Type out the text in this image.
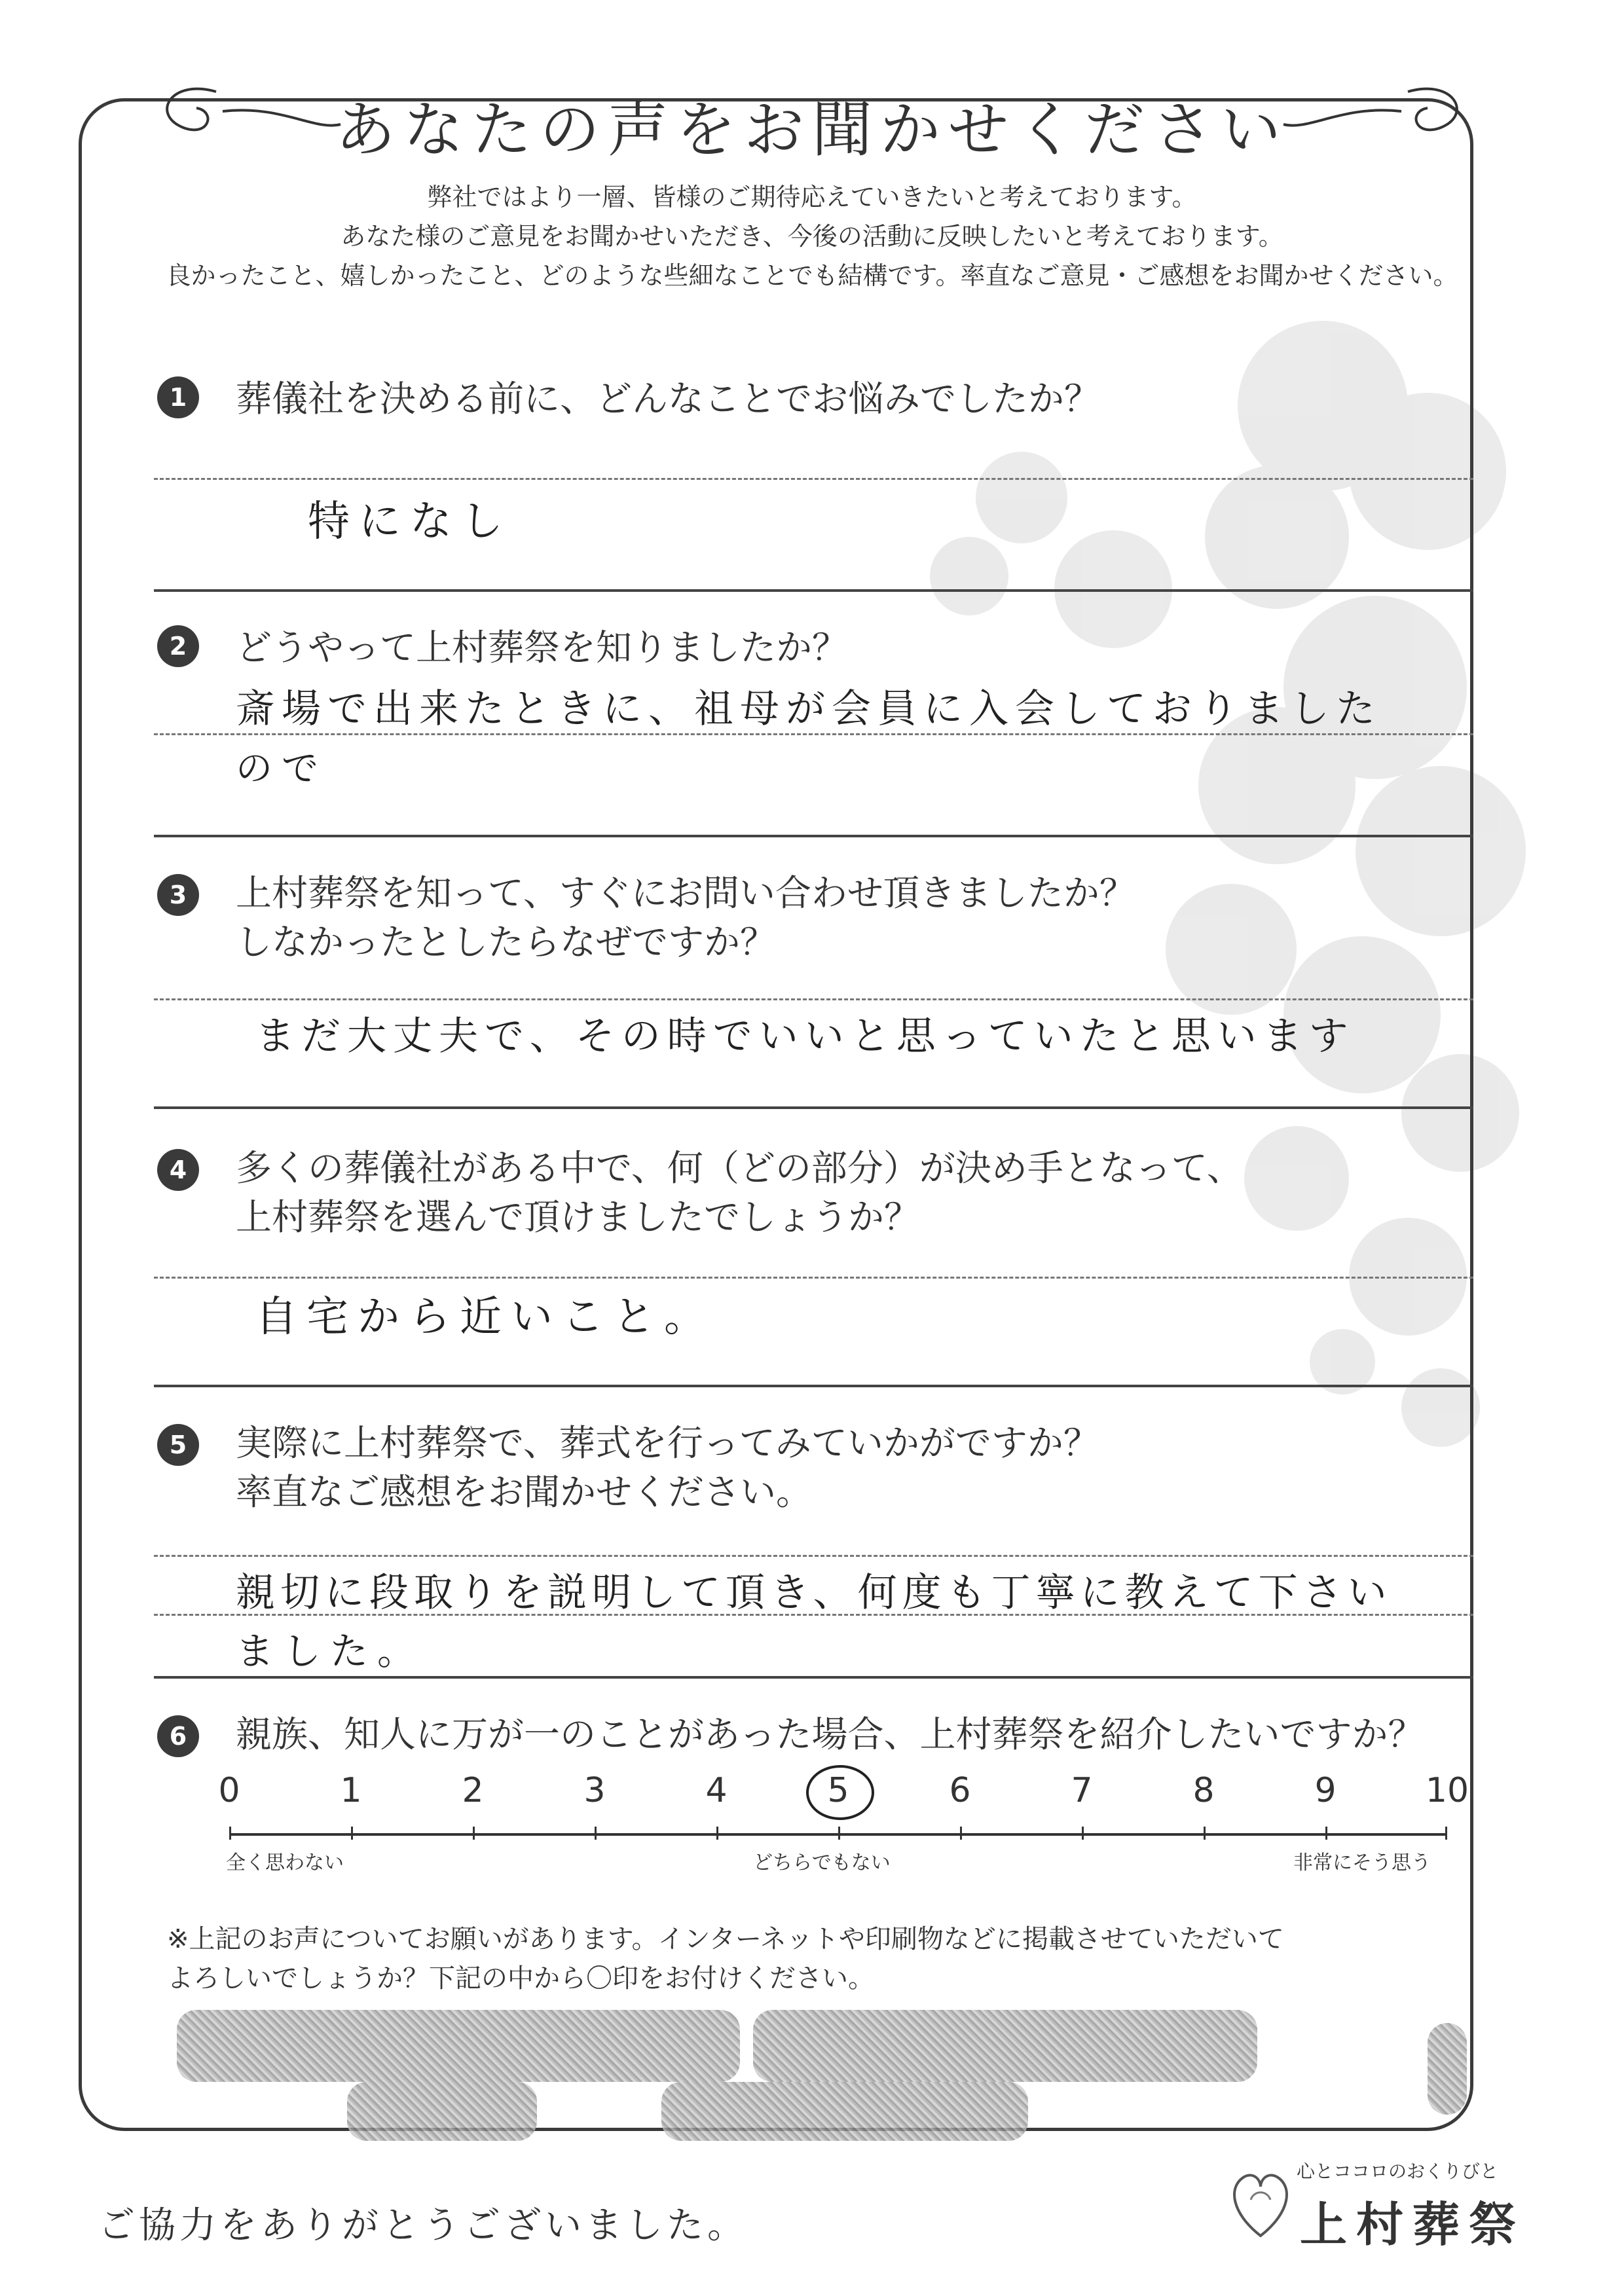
あなたの声をお聞かせください
弊社ではより一層、皆様のご期待応えていきたいと考えております。
あなた様のご意見をお聞かせいただき、今後の活動に反映したいと考えております。
良かったこと、嬉しかったこと、どのような些細なことでも結構です。率直なご意見・ご感想をお聞かせください。
1	葬儀社を決める前に、どんなことでお悩みでしたか？
特になし
2	どうやって上村葬祭を知りましたか？
斎場で出来たときに、祖母が会員に入会しておりました
ので
3	上村葬祭を知って、すぐにお問い合わせ頂きましたか？
しなかったとしたらなぜですか？
まだ大丈夫で、その時でいいと思っていたと思います
4	多くの葬儀社がある中で、何（どの部分）が決め手となって、
上村葬祭を選んで頂けましたでしょうか？
自宅から近いこと。
5	実際に上村葬祭で、葬式を行ってみていかがですか？
率直なご感想をお聞かせください。
親切に段取りを説明して頂き、何度も丁寧に教えて下さい
ました。
6	親族、知人に万が一のことがあった場合、上村葬祭を紹介したいですか？
0	1	2	3	4	5	6	7	8	9	10
全く思わない	どちらでもない	非常にそう思う
※上記のお声についてお願いがあります。インターネットや印刷物などに掲載させていただいて
よろしいでしょうか？下記の中から〇印をお付けください。
ご協力をありがとうございました。
心とココロのおくりびと
上村葬祭
